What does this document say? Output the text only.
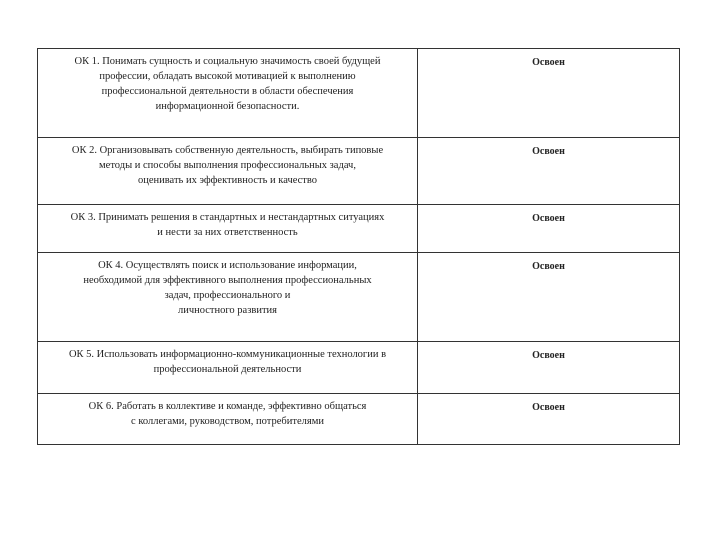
ОК 1. Понимать сущность и социальную значимость своей будущей
профессии, обладать высокой мотивацией к выполнению
профессиональной деятельности в области обеспечения
информационной безопасности.	Освоен

ОК 2. Организовывать собственную деятельность, выбирать типовые
методы и способы выполнения профессиональных задач,
оценивать их эффективность и качество	Освоен

ОК 3. Принимать решения в стандартных и нестандартных ситуациях
и нести за них ответственность	Освоен

ОК 4. Осуществлять поиск и использование информации,
необходимой для эффективного выполнения профессиональных
задач, профессионального и
личностного развития	Освоен

ОК 5. Использовать информационно-коммуникационные технологии в
профессиональной деятельности	Освоен

ОК 6. Работать в коллективе и команде, эффективно общаться
с коллегами, руководством, потребителями	Освоен
